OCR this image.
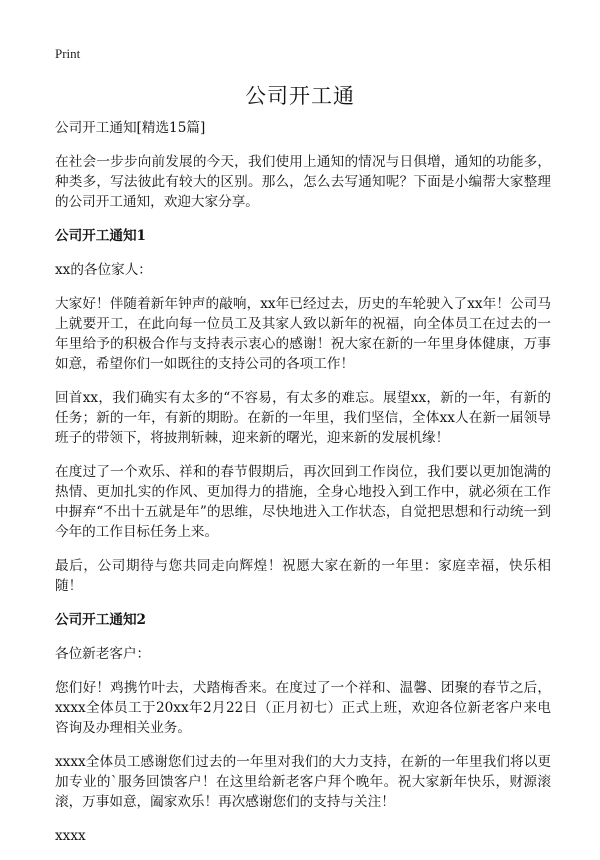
Print
公司开工通

公司开工通知[精选15篇]

在社会一步步向前发展的今天，我们使用上通知的情况与日俱增，通知的功能多，种类多，写法彼此有较大的区别。那么，怎么去写通知呢？下面是小编帮大家整理的公司开工通知，欢迎大家分享。

公司开工通知1

xx的各位家人：

大家好！伴随着新年钟声的敲响，xx年已经过去，历史的车轮驶入了xx年！公司马上就要开工，在此向每一位员工及其家人致以新年的祝福，向全体员工在过去的一年里给予的积极合作与支持表示衷心的感谢！祝大家在新的一年里身体健康，万事如意，希望你们一如既往的支持公司的各项工作！

回首xx，我们确实有太多的“不容易，有太多的难忘。展望xx，新的一年，有新的任务；新的一年，有新的期盼。在新的一年里，我们坚信，全体xx人在新一届领导班子的带领下，将披荆斩棘，迎来新的曙光，迎来新的发展机缘！

在度过了一个欢乐、祥和的春节假期后，再次回到工作岗位，我们要以更加饱满的热情、更加扎实的作风、更加得力的措施，全身心地投入到工作中，就必须在工作中摒弃“不出十五就是年”的思维，尽快地进入工作状态，自觉把思想和行动统一到今年的工作目标任务上来。

最后，公司期待与您共同走向辉煌！祝愿大家在新的一年里：家庭幸福，快乐相随！

公司开工通知2

各位新老客户：

您们好！鸡携竹叶去，犬踏梅香来。在度过了一个祥和、温馨、团聚的春节之后，xxxx全体员工于20xx年2月22日（正月初七）正式上班，欢迎各位新老客户来电咨询及办理相关业务。

xxxx全体员工感谢您们过去的一年里对我们的大力支持，在新的一年里我们将以更加专业的`服务回馈客户！在这里给新老客户拜个晚年。祝大家新年快乐，财源滚滚，万事如意，阖家欢乐！再次感谢您们的支持与关注！

xxxx
